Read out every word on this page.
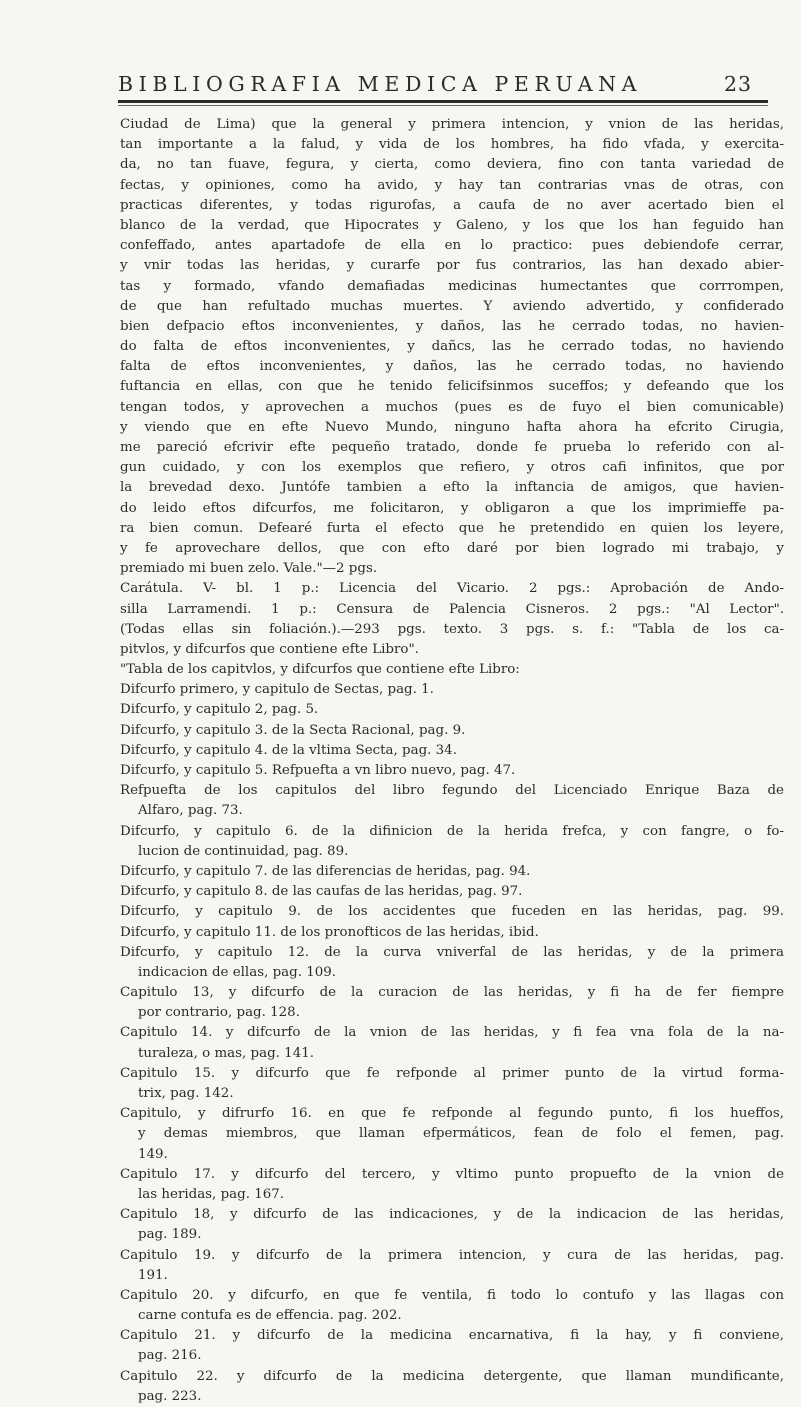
BIBLIOGRAFIA MEDICA PERUANA	23
Ciudad de Lima) que la general y primera intencion, y vnion de las heridas,
tan importante a la falud, y vida de los hombres, ha fido vfada, y exercita-
da, no tan fuave, fegura, y cierta, como deviera, fino con tanta variedad de
fectas, y opiniones, como ha avido, y hay tan contrarias vnas de otras, con
practicas diferentes, y todas rigurofas, a caufa de no aver acertado bien el
blanco de la verdad, que Hipocrates y Galeno, y los que los han feguido han
confeffado, antes apartadofe de ella en lo practico: pues debiendofe cerrar,
y vnir todas las heridas, y curarfe por fus contrarios, las han dexado abier-
tas y formado, vfando demafiadas medicinas humectantes que corrrompen,
de que han refultado muchas muertes. Y aviendo advertido, y confiderado
bien defpacio eftos inconvenientes, y daños, las he cerrado todas, no havien-
do falta de eftos inconvenientes, y dañcs, las he cerrado todas, no haviendo
falta de eftos inconvenientes, y daños, las he cerrado todas, no haviendo
fuftancia en ellas, con que he tenido felicifsinmos suceffos; y defeando que los
tengan todos, y aprovechen a muchos (pues es de fuyo el bien comunicable)
y viendo que en efte Nuevo Mundo, ninguno hafta ahora ha efcrito Cirugia,
me pareció efcrivir efte pequeño tratado, donde fe prueba lo referido con al-
gun cuidado, y con los exemplos que refiero, y otros cafi infinitos, que por
la brevedad dexo. Juntófe tambien a efto la inftancia de amigos, que havien-
do leido eftos difcurfos, me folicitaron, y obligaron a que los imprimieffe pa-
ra bien comun. Defearé furta el efecto que he pretendido en quien los leyere,
y fe aprovechare dellos, que con efto daré por bien logrado mi trabajo, y
premiado mi buen zelo. Vale."—2 pgs.
Carátula. V- bl. 1 p.: Licencia del Vicario. 2 pgs.: Aprobación de Ando-
silla Larramendi. 1 p.: Censura de Palencia Cisneros. 2 pgs.: "Al Lector".
(Todas ellas sin foliación.).—293 pgs. texto. 3 pgs. s. f.: "Tabla de los ca-
pitvlos, y difcurfos que contiene efte Libro".
"Tabla de los capitvlos, y difcurfos que contiene efte Libro:
Difcurfo primero, y capitulo de Sectas, pag. 1.
Difcurfo, y capitulo 2, pag. 5.
Difcurfo, y capitulo 3. de la Secta Racional, pag. 9.
Difcurfo, y capitulo 4. de la vltima Secta, pag. 34.
Difcurfo, y capitulo 5. Refpuefta a vn libro nuevo, pag. 47.
Refpuefta de los capitulos del libro fegundo del Licenciado Enrique Baza de
Alfaro, pag. 73.
Difcurfo, y capitulo 6. de la difinicion de la herida frefca, y con fangre, o fo-
lucion de continuidad, pag. 89.
Difcurfo, y capitulo 7. de las diferencias de heridas, pag. 94.
Difcurfo, y capitulo 8. de las caufas de las heridas, pag. 97.
Difcurfo, y capitulo 9. de los accidentes que fuceden en las heridas, pag. 99.
Difcurfo, y capitulo 11. de los pronofticos de las heridas, ibid.
Difcurfo, y capitulo 12. de la curva vniverfal de las heridas, y de la primera
indicacion de ellas, pag. 109.
Capitulo 13, y difcurfo de la curacion de las heridas, y fi ha de fer fiempre
por contrario, pag. 128.
Capitulo 14. y difcurfo de la vnion de las heridas, y fi fea vna fola de la na-
turaleza, o mas, pag. 141.
Capitulo 15. y difcurfo que fe refponde al primer punto de la virtud forma-
trix, pag. 142.
Capitulo, y difrurfo 16. en que fe refponde al fegundo punto, fi los hueffos,
y demas miembros, que llaman efpermáticos, fean de folo el femen, pag.
149.
Capitulo 17. y difcurfo del tercero, y vltimo punto propuefto de la vnion de
las heridas, pag. 167.
Capitulo 18, y difcurfo de las indicaciones, y de la indicacion de las heridas,
pag. 189.
Capitulo 19. y difcurfo de la primera intencion, y cura de las heridas, pag.
191.
Capitulo 20. y difcurfo, en que fe ventila, fi todo lo contufo y las llagas con
carne contufa es de effencia. pag. 202.
Capitulo 21. y difcurfo de la medicina encarnativa, fi la hay, y fi conviene,
pag. 216.
Capitulo 22. y difcurfo de la medicina detergente, que llaman mundificante,
pag. 223.
